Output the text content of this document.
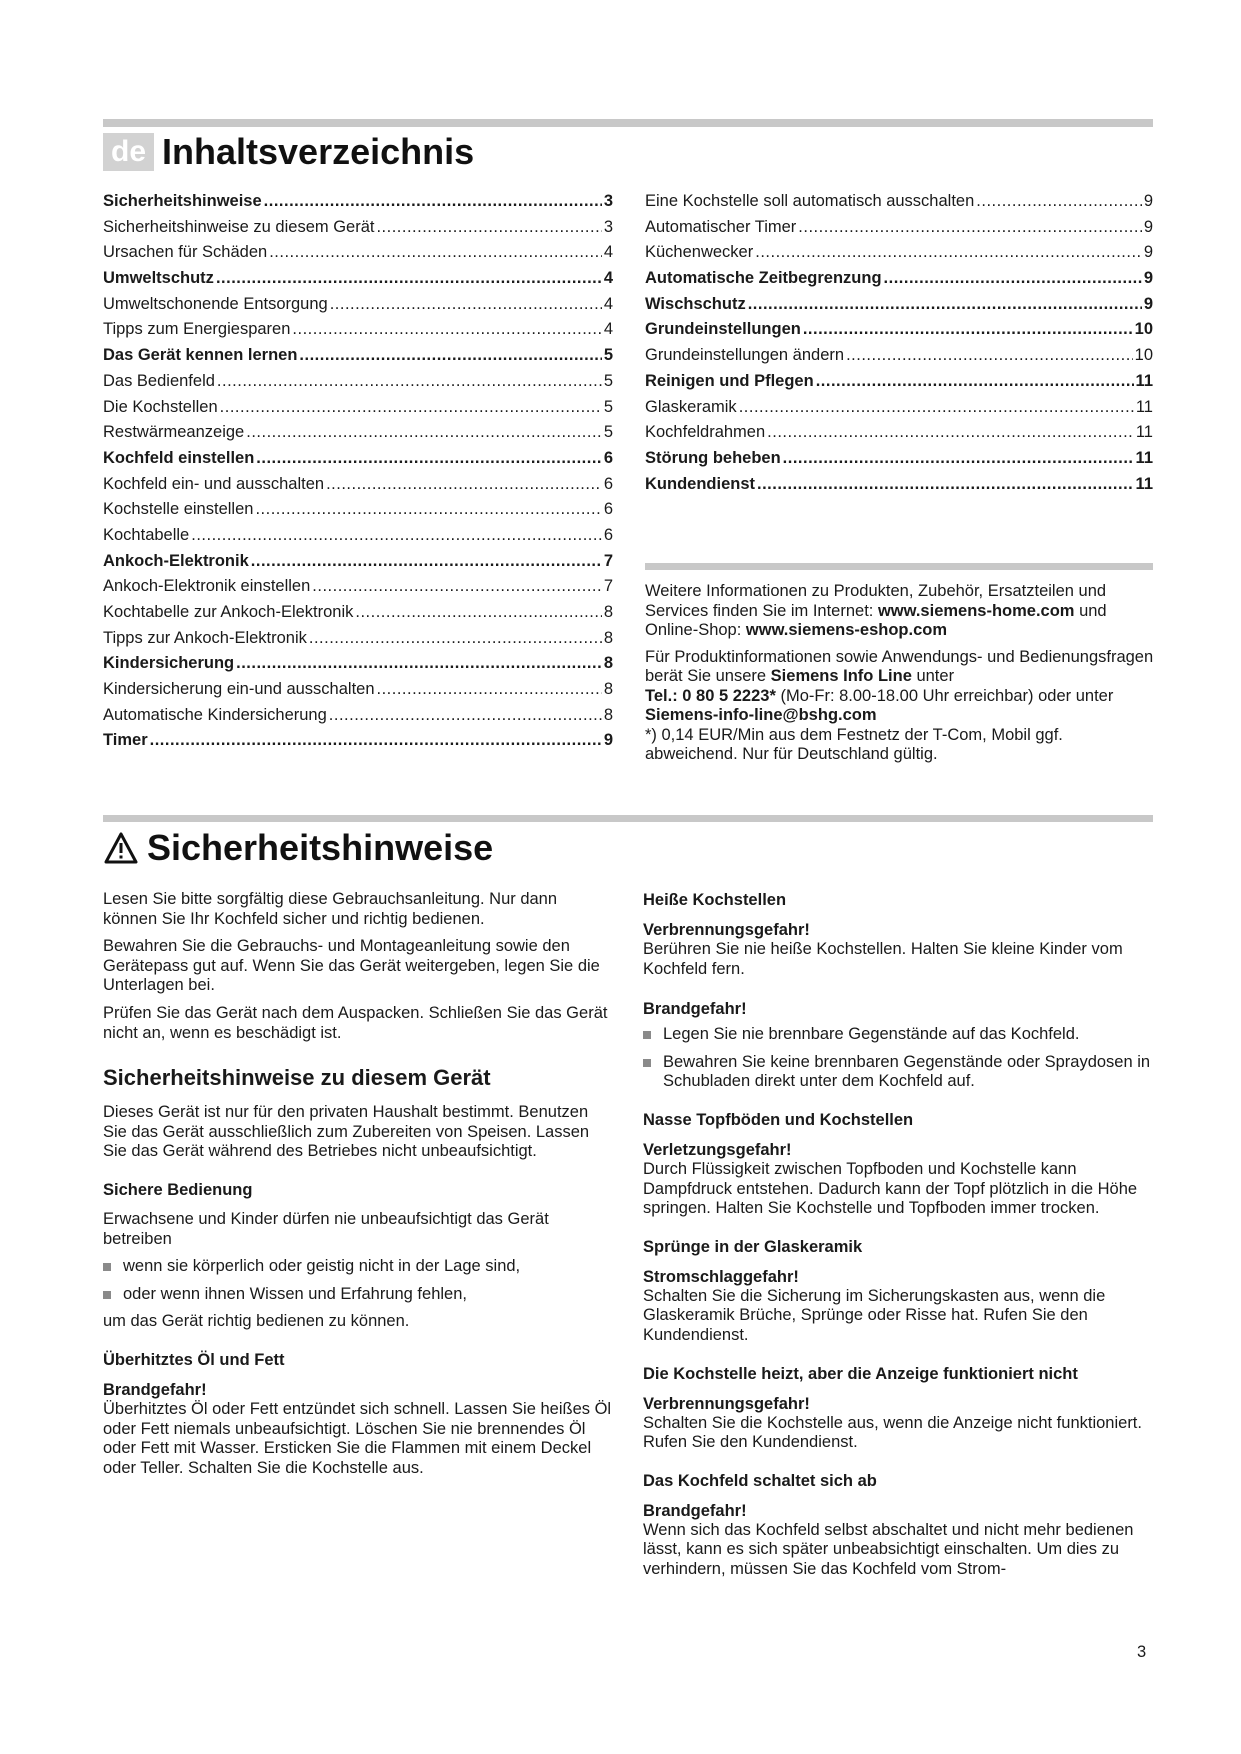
de Inhaltsverzeichnis
Sicherheitshinweise .....	3
Sicherheitshinweise zu diesem Gerät .....	3
Ursachen für Schäden .....	4
Umweltschutz .....	4
Umweltschonende Entsorgung .....	4
Tipps zum Energiesparen .....	4
Das Gerät kennen lernen .....	5
Das Bedienfeld .....	5
Die Kochstellen .....	5
Restwärmeanzeige .....	5
Kochfeld einstellen .....	6
Kochfeld ein- und ausschalten .....	6
Kochstelle einstellen .....	6
Kochtabelle .....	6
Ankoch-Elektronik .....	7
Ankoch-Elektronik einstellen .....	7
Kochtabelle zur Ankoch-Elektronik .....	8
Tipps zur Ankoch-Elektronik .....	8
Kindersicherung .....	8
Kindersicherung ein-und ausschalten .....	8
Automatische Kindersicherung .....	8
Timer .....	9
Eine Kochstelle soll automatisch ausschalten .....	9
Automatischer Timer .....	9
Küchenwecker .....	9
Automatische Zeitbegrenzung .....	9
Wischschutz .....	9
Grundeinstellungen .....	10
Grundeinstellungen ändern .....	10
Reinigen und Pflegen .....	11
Glaskeramik .....	11
Kochfeldrahmen .....	11
Störung beheben .....	11
Kundendienst .....	11

Weitere Informationen zu Produkten, Zubehör, Ersatzteilen und Services finden Sie im Internet: www.siemens-home.com und Online-Shop: www.siemens-eshop.com

Für Produktinformationen sowie Anwendungs- und Bedienungsfragen berät Sie unsere Siemens Info Line unter
Tel.: 0 80 5 2223* (Mo-Fr: 8.00-18.00 Uhr erreichbar) oder unter Siemens-info-line@bshg.com
*) 0,14 EUR/Min aus dem Festnetz der T-Com, Mobil ggf. abweichend. Nur für Deutschland gültig.

Sicherheitshinweise

Lesen Sie bitte sorgfältig diese Gebrauchsanleitung. Nur dann können Sie Ihr Kochfeld sicher und richtig bedienen.

Bewahren Sie die Gebrauchs- und Montageanleitung sowie den Gerätepass gut auf. Wenn Sie das Gerät weitergeben, legen Sie die Unterlagen bei.

Prüfen Sie das Gerät nach dem Auspacken. Schließen Sie das Gerät nicht an, wenn es beschädigt ist.

Sicherheitshinweise zu diesem Gerät

Dieses Gerät ist nur für den privaten Haushalt bestimmt. Benutzen Sie das Gerät ausschließlich zum Zubereiten von Speisen. Lassen Sie das Gerät während des Betriebes nicht unbeaufsichtigt.

Sichere Bedienung

Erwachsene und Kinder dürfen nie unbeaufsichtigt das Gerät betreiben

wenn sie körperlich oder geistig nicht in der Lage sind,
oder wenn ihnen Wissen und Erfahrung fehlen,

um das Gerät richtig bedienen zu können.

Überhitztes Öl und Fett

Brandgefahr!

Überhitztes Öl oder Fett entzündet sich schnell. Lassen Sie heißes Öl oder Fett niemals unbeaufsichtigt. Löschen Sie nie brennendes Öl oder Fett mit Wasser. Ersticken Sie die Flammen mit einem Deckel oder Teller. Schalten Sie die Kochstelle aus.

Heiße Kochstellen

Verbrennungsgefahr!

Berühren Sie nie heiße Kochstellen. Halten Sie kleine Kinder vom Kochfeld fern.

Brandgefahr!

Legen Sie nie brennbare Gegenstände auf das Kochfeld.
Bewahren Sie keine brennbaren Gegenstände oder Spraydosen in Schubladen direkt unter dem Kochfeld auf.
Nasse Topfböden und Kochstellen

Verletzungsgefahr!

Durch Flüssigkeit zwischen Topfboden und Kochstelle kann Dampfdruck entstehen. Dadurch kann der Topf plötzlich in die Höhe springen. Halten Sie Kochstelle und Topfboden immer trocken.

Sprünge in der Glaskeramik

Stromschlaggefahr!

Schalten Sie die Sicherung im Sicherungskasten aus, wenn die Glaskeramik Brüche, Sprünge oder Risse hat. Rufen Sie den Kundendienst.

Die Kochstelle heizt, aber die Anzeige funktioniert nicht

Verbrennungsgefahr!

Schalten Sie die Kochstelle aus, wenn die Anzeige nicht funktioniert. Rufen Sie den Kundendienst.

Das Kochfeld schaltet sich ab

Brandgefahr!

Wenn sich das Kochfeld selbst abschaltet und nicht mehr bedienen lässt, kann es sich später unbeabsichtigt einschalten. Um dies zu verhindern, müssen Sie das Kochfeld vom Strom-

3
